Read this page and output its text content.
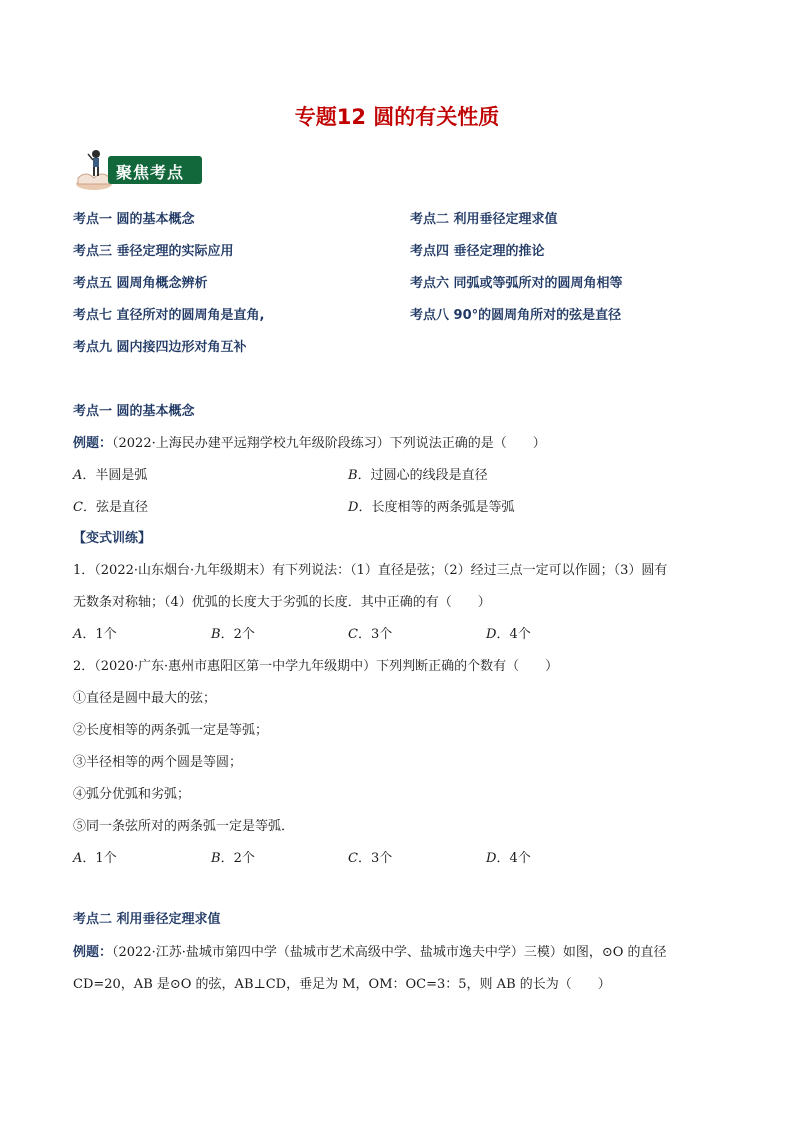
专题12 圆的有关性质
聚焦考点
考点一 圆的基本概念	考点二 利用垂径定理求值
考点三 垂径定理的实际应用	考点四 垂径定理的推论
考点五 圆周角概念辨析	考点六 同弧或等弧所对的圆周角相等
考点七 直径所对的圆周角是直角,	考点八 90°的圆周角所对的弦是直径
考点九 圆内接四边形对角互补
考点一 圆的基本概念
例题：（2022·上海民办建平远翔学校九年级阶段练习）下列说法正确的是（　　）
A．半圆是弧	B．过圆心的线段是直径
C．弦是直径	D．长度相等的两条弧是等弧
【变式训练】
1．（2022·山东烟台·九年级期末）有下列说法：（1）直径是弦；（2）经过三点一定可以作圆；（3）圆有
无数条对称轴；（4）优弧的长度大于劣弧的长度．其中正确的有（　　）
A．1个	B．2个	C．3个	D．4个
2．（2020·广东·惠州市惠阳区第一中学九年级期中）下列判断正确的个数有（　　）
①直径是圆中最大的弦；
②长度相等的两条弧一定是等弧；
③半径相等的两个圆是等圆；
④弧分优弧和劣弧；
⑤同一条弦所对的两条弧一定是等弧．
A．1个	B．2个	C．3个	D．4个
考点二 利用垂径定理求值
例题：（2022·江苏·盐城市第四中学（盐城市艺术高级中学、盐城市逸夫中学）三模）如图，⊙O 的直径
CD=20，AB 是⊙O 的弦，AB⊥CD，垂足为 M，OM：OC=3：5，则 AB 的长为（　　）
